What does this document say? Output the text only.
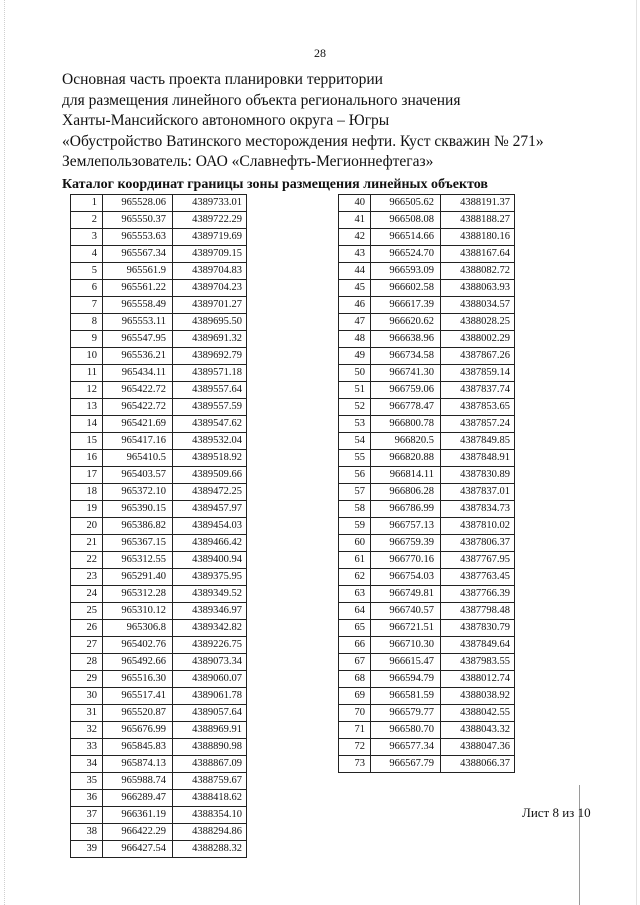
28
Основная часть проекта планировки территории
для размещения линейного объекта регионального значения
Ханты-Мансийского автономного округа – Югры
«Обустройство Ватинского месторождения нефти. Куст скважин № 271»
Землепользователь: ОАО «Славнефть-Мегионнефтегаз»
Каталог координат границы зоны размещения линейных объектов
1	965528.06	4389733.01
2	965550.37	4389722.29
3	965553.63	4389719.69
4	965567.34	4389709.15
5	965561.9	4389704.83
6	965561.22	4389704.23
7	965558.49	4389701.27
8	965553.11	4389695.50
9	965547.95	4389691.32
10	965536.21	4389692.79
11	965434.11	4389571.18
12	965422.72	4389557.64
13	965422.72	4389557.59
14	965421.69	4389547.62
15	965417.16	4389532.04
16	965410.5	4389518.92
17	965403.57	4389509.66
18	965372.10	4389472.25
19	965390.15	4389457.97
20	965386.82	4389454.03
21	965367.15	4389466.42
22	965312.55	4389400.94
23	965291.40	4389375.95
24	965312.28	4389349.52
25	965310.12	4389346.97
26	965306.8	4389342.82
27	965402.76	4389226.75
28	965492.66	4389073.34
29	965516.30	4389060.07
30	965517.41	4389061.78
31	965520.87	4389057.64
32	965676.99	4388969.91
33	965845.83	4388890.98
34	965874.13	4388867.09
35	965988.74	4388759.67
36	966289.47	4388418.62
37	966361.19	4388354.10
38	966422.29	4388294.86
39	966427.54	4388288.32
40	966505.62	4388191.37
41	966508.08	4388188.27
42	966514.66	4388180.16
43	966524.70	4388167.64
44	966593.09	4388082.72
45	966602.58	4388063.93
46	966617.39	4388034.57
47	966620.62	4388028.25
48	966638.96	4388002.29
49	966734.58	4387867.26
50	966741.30	4387859.14
51	966759.06	4387837.74
52	966778.47	4387853.65
53	966800.78	4387857.24
54	966820.5	4387849.85
55	966820.88	4387848.91
56	966814.11	4387830.89
57	966806.28	4387837.01
58	966786.99	4387834.73
59	966757.13	4387810.02
60	966759.39	4387806.37
61	966770.16	4387767.95
62	966754.03	4387763.45
63	966749.81	4387766.39
64	966740.57	4387798.48
65	966721.51	4387830.79
66	966710.30	4387849.64
67	966615.47	4387983.55
68	966594.79	4388012.74
69	966581.59	4388038.92
70	966579.77	4388042.55
71	966580.70	4388043.32
72	966577.34	4388047.36
73	966567.79	4388066.37
Лист 8 из 10
